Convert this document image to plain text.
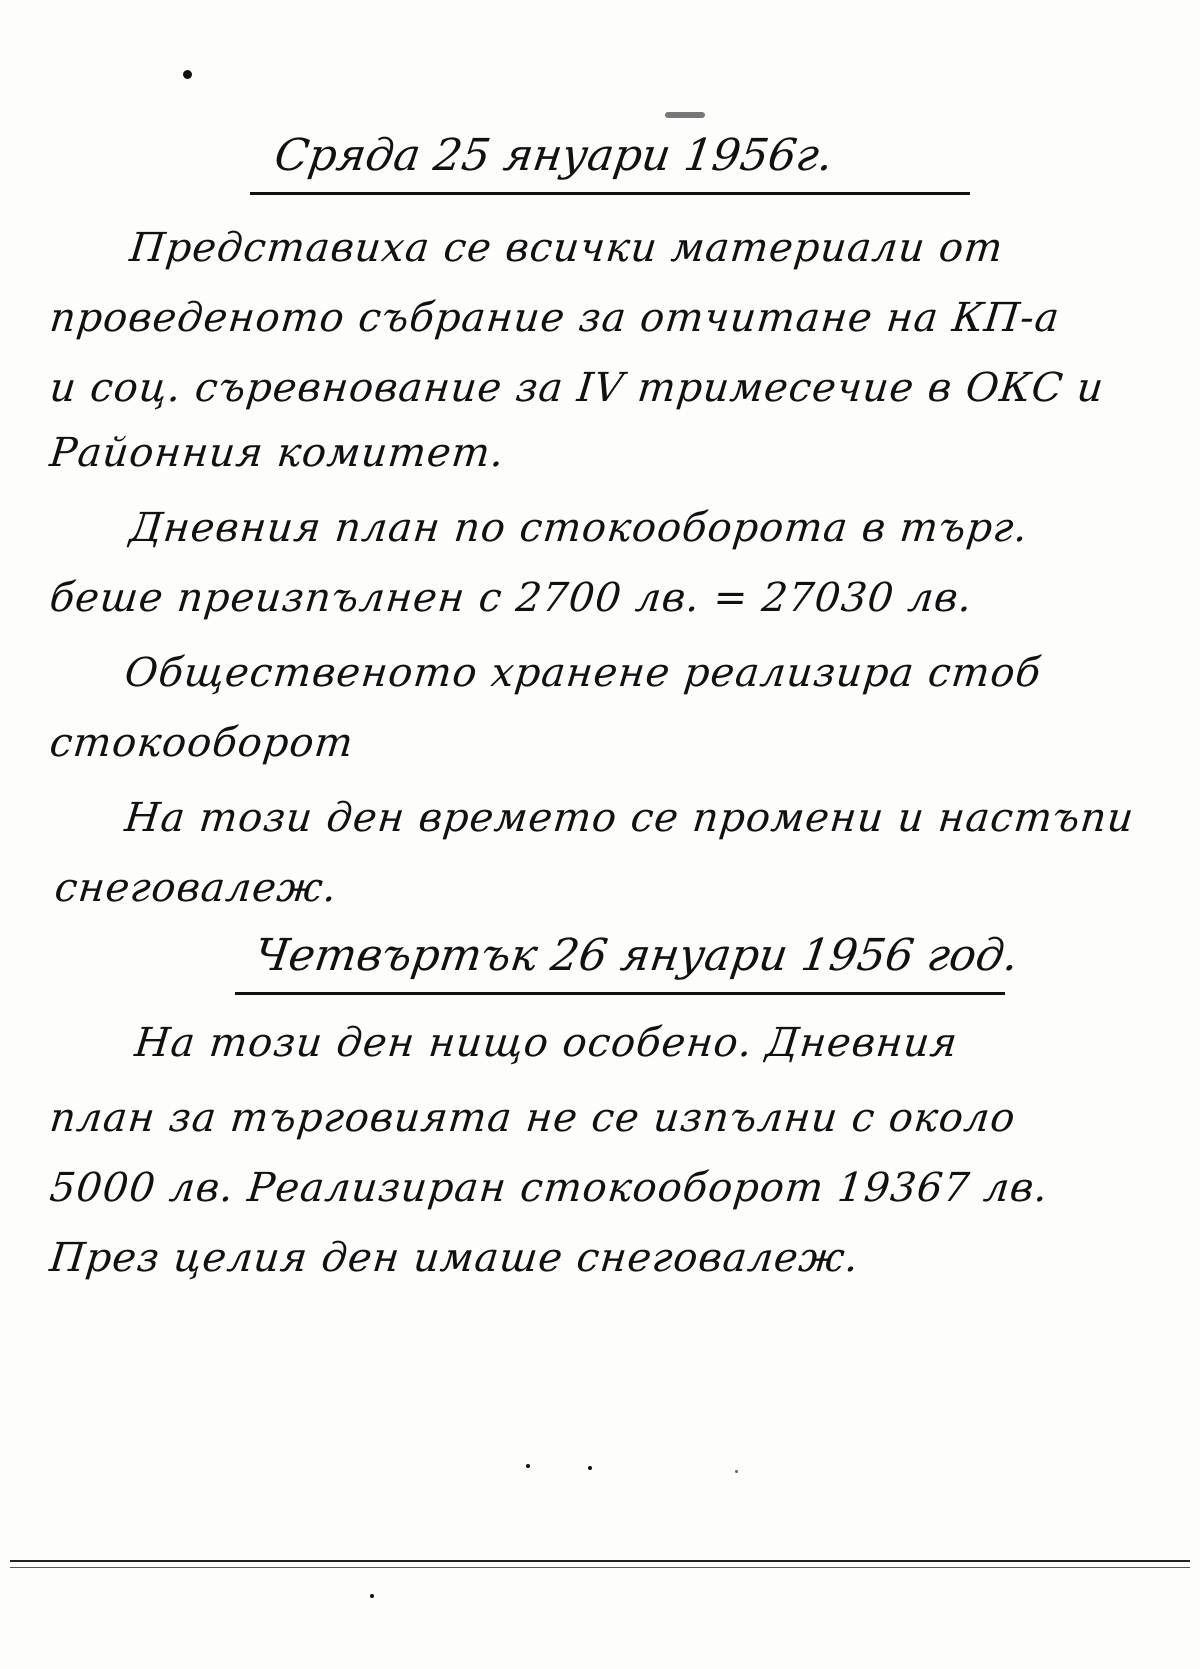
Сряда 25 януари 1956г.
Представиха се всички материали от
проведеното събрание за отчитане на КП-а
и соц. съревнование за IV тримесечие в ОКС и
Районния комитет.
Дневния план по стокооборота в търг.
беше преизпълнен с 2700 лв. = 27030 лв.
Общественото хранене реализира стоб
стокооборот
На този ден времето се промени и настъпи
снеговалеж.
Четвъртък 26 януари 1956 год.
На този ден нищо особено. Дневния
план за търговията не се изпълни с около
5000 лв. Реализиран стокооборот 19367 лв.
През целия ден имаше снеговалеж.
